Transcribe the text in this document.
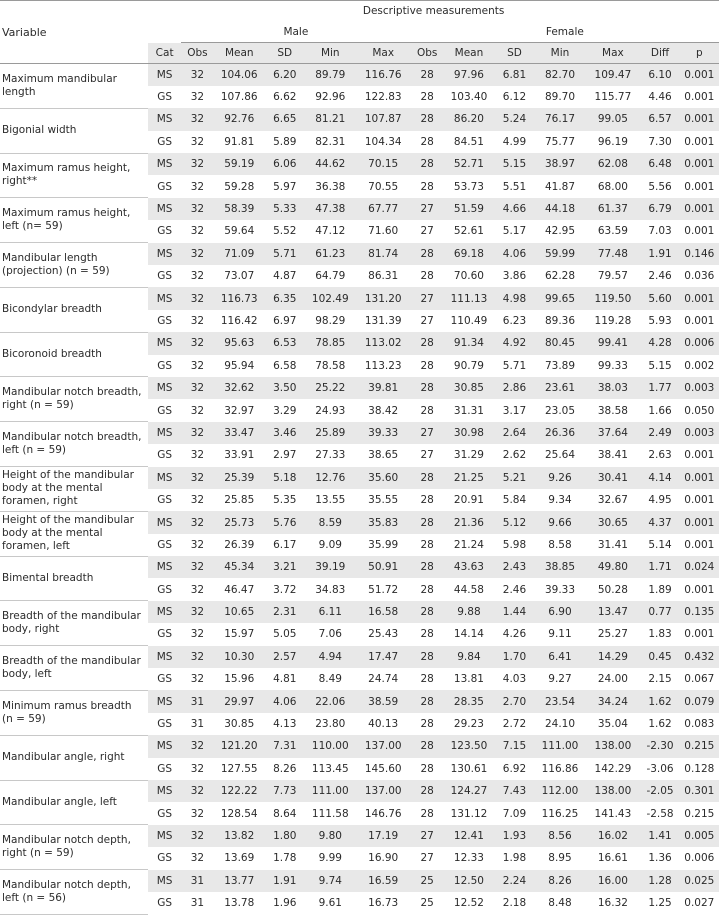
Variable	Descriptive measurements												
		Male					Female						
	Cat	Obs	Mean	SD	Min	Max	Obs	Mean	SD	Min	Max	Diff	p
Maximum mandibular length	MS	32	104.06	6.20	89.79	116.76	28	97.96	6.81	82.70	109.47	6.10	0.001
	GS	32	107.86	6.62	92.96	122.83	28	103.40	6.12	89.70	115.77	4.46	0.001
Bigonial width	MS	32	92.76	6.65	81.21	107.87	28	86.20	5.24	76.17	99.05	6.57	0.001
	GS	32	91.81	5.89	82.31	104.34	28	84.51	4.99	75.77	96.19	7.30	0.001
Maximum ramus height, right**	MS	32	59.19	6.06	44.62	70.15	28	52.71	5.15	38.97	62.08	6.48	0.001
	GS	32	59.28	5.97	36.38	70.55	28	53.73	5.51	41.87	68.00	5.56	0.001
Maximum ramus height, left (n= 59)	MS	32	58.39	5.33	47.38	67.77	27	51.59	4.66	44.18	61.37	6.79	0.001
	GS	32	59.64	5.52	47.12	71.60	27	52.61	5.17	42.95	63.59	7.03	0.001
Mandibular length (projection) (n = 59)	MS	32	71.09	5.71	61.23	81.74	28	69.18	4.06	59.99	77.48	1.91	0.146
	GS	32	73.07	4.87	64.79	86.31	28	70.60	3.86	62.28	79.57	2.46	0.036
Bicondylar breadth	MS	32	116.73	6.35	102.49	131.20	27	111.13	4.98	99.65	119.50	5.60	0.001
	GS	32	116.42	6.97	98.29	131.39	27	110.49	6.23	89.36	119.28	5.93	0.001
Bicoronoid breadth	MS	32	95.63	6.53	78.85	113.02	28	91.34	4.92	80.45	99.41	4.28	0.006
	GS	32	95.94	6.58	78.58	113.23	28	90.79	5.71	73.89	99.33	5.15	0.002
Mandibular notch breadth, right (n = 59)	MS	32	32.62	3.50	25.22	39.81	28	30.85	2.86	23.61	38.03	1.77	0.003
	GS	32	32.97	3.29	24.93	38.42	28	31.31	3.17	23.05	38.58	1.66	0.050
Mandibular notch breadth, left (n = 59)	MS	32	33.47	3.46	25.89	39.33	27	30.98	2.64	26.36	37.64	2.49	0.003
	GS	32	33.91	2.97	27.33	38.65	27	31.29	2.62	25.64	38.41	2.63	0.001
Height of the mandibular body at the mental foramen, right	MS	32	25.39	5.18	12.76	35.60	28	21.25	5.21	9.26	30.41	4.14	0.001
	GS	32	25.85	5.35	13.55	35.55	28	20.91	5.84	9.34	32.67	4.95	0.001
Height of the mandibular body at the mental foramen, left	MS	32	25.73	5.76	8.59	35.83	28	21.36	5.12	9.66	30.65	4.37	0.001
	GS	32	26.39	6.17	9.09	35.99	28	21.24	5.98	8.58	31.41	5.14	0.001
Bimental breadth	MS	32	45.34	3.21	39.19	50.91	28	43.63	2.43	38.85	49.80	1.71	0.024
	GS	32	46.47	3.72	34.83	51.72	28	44.58	2.46	39.33	50.28	1.89	0.001
Breadth of the mandibular body, right	MS	32	10.65	2.31	6.11	16.58	28	9.88	1.44	6.90	13.47	0.77	0.135
	GS	32	15.97	5.05	7.06	25.43	28	14.14	4.26	9.11	25.27	1.83	0.001
Breadth of the mandibular body, left	MS	32	10.30	2.57	4.94	17.47	28	9.84	1.70	6.41	14.29	0.45	0.432
	GS	32	15.96	4.81	8.49	24.74	28	13.81	4.03	9.27	24.00	2.15	0.067
Minimum ramus breadth (n = 59)	MS	31	29.97	4.06	22.06	38.59	28	28.35	2.70	23.54	34.24	1.62	0.079
	GS	31	30.85	4.13	23.80	40.13	28	29.23	2.72	24.10	35.04	1.62	0.083
Mandibular angle, right	MS	32	121.20	7.31	110.00	137.00	28	123.50	7.15	111.00	138.00	-2.30	0.215
	GS	32	127.55	8.26	113.45	145.60	28	130.61	6.92	116.86	142.29	-3.06	0.128
Mandibular angle, left	MS	32	122.22	7.73	111.00	137.00	28	124.27	7.43	112.00	138.00	-2.05	0.301
	GS	32	128.54	8.64	111.58	146.76	28	131.12	7.09	116.25	141.43	-2.58	0.215
Mandibular notch depth, right (n = 59)	MS	32	13.82	1.80	9.80	17.19	27	12.41	1.93	8.56	16.02	1.41	0.005
	GS	32	13.69	1.78	9.99	16.90	27	12.33	1.98	8.95	16.61	1.36	0.006
Mandibular notch depth, left (n = 56)	MS	31	13.77	1.91	9.74	16.59	25	12.50	2.24	8.26	16.00	1.28	0.025
	GS	31	13.78	1.96	9.61	16.73	25	12.52	2.18	8.48	16.32	1.25	0.027
